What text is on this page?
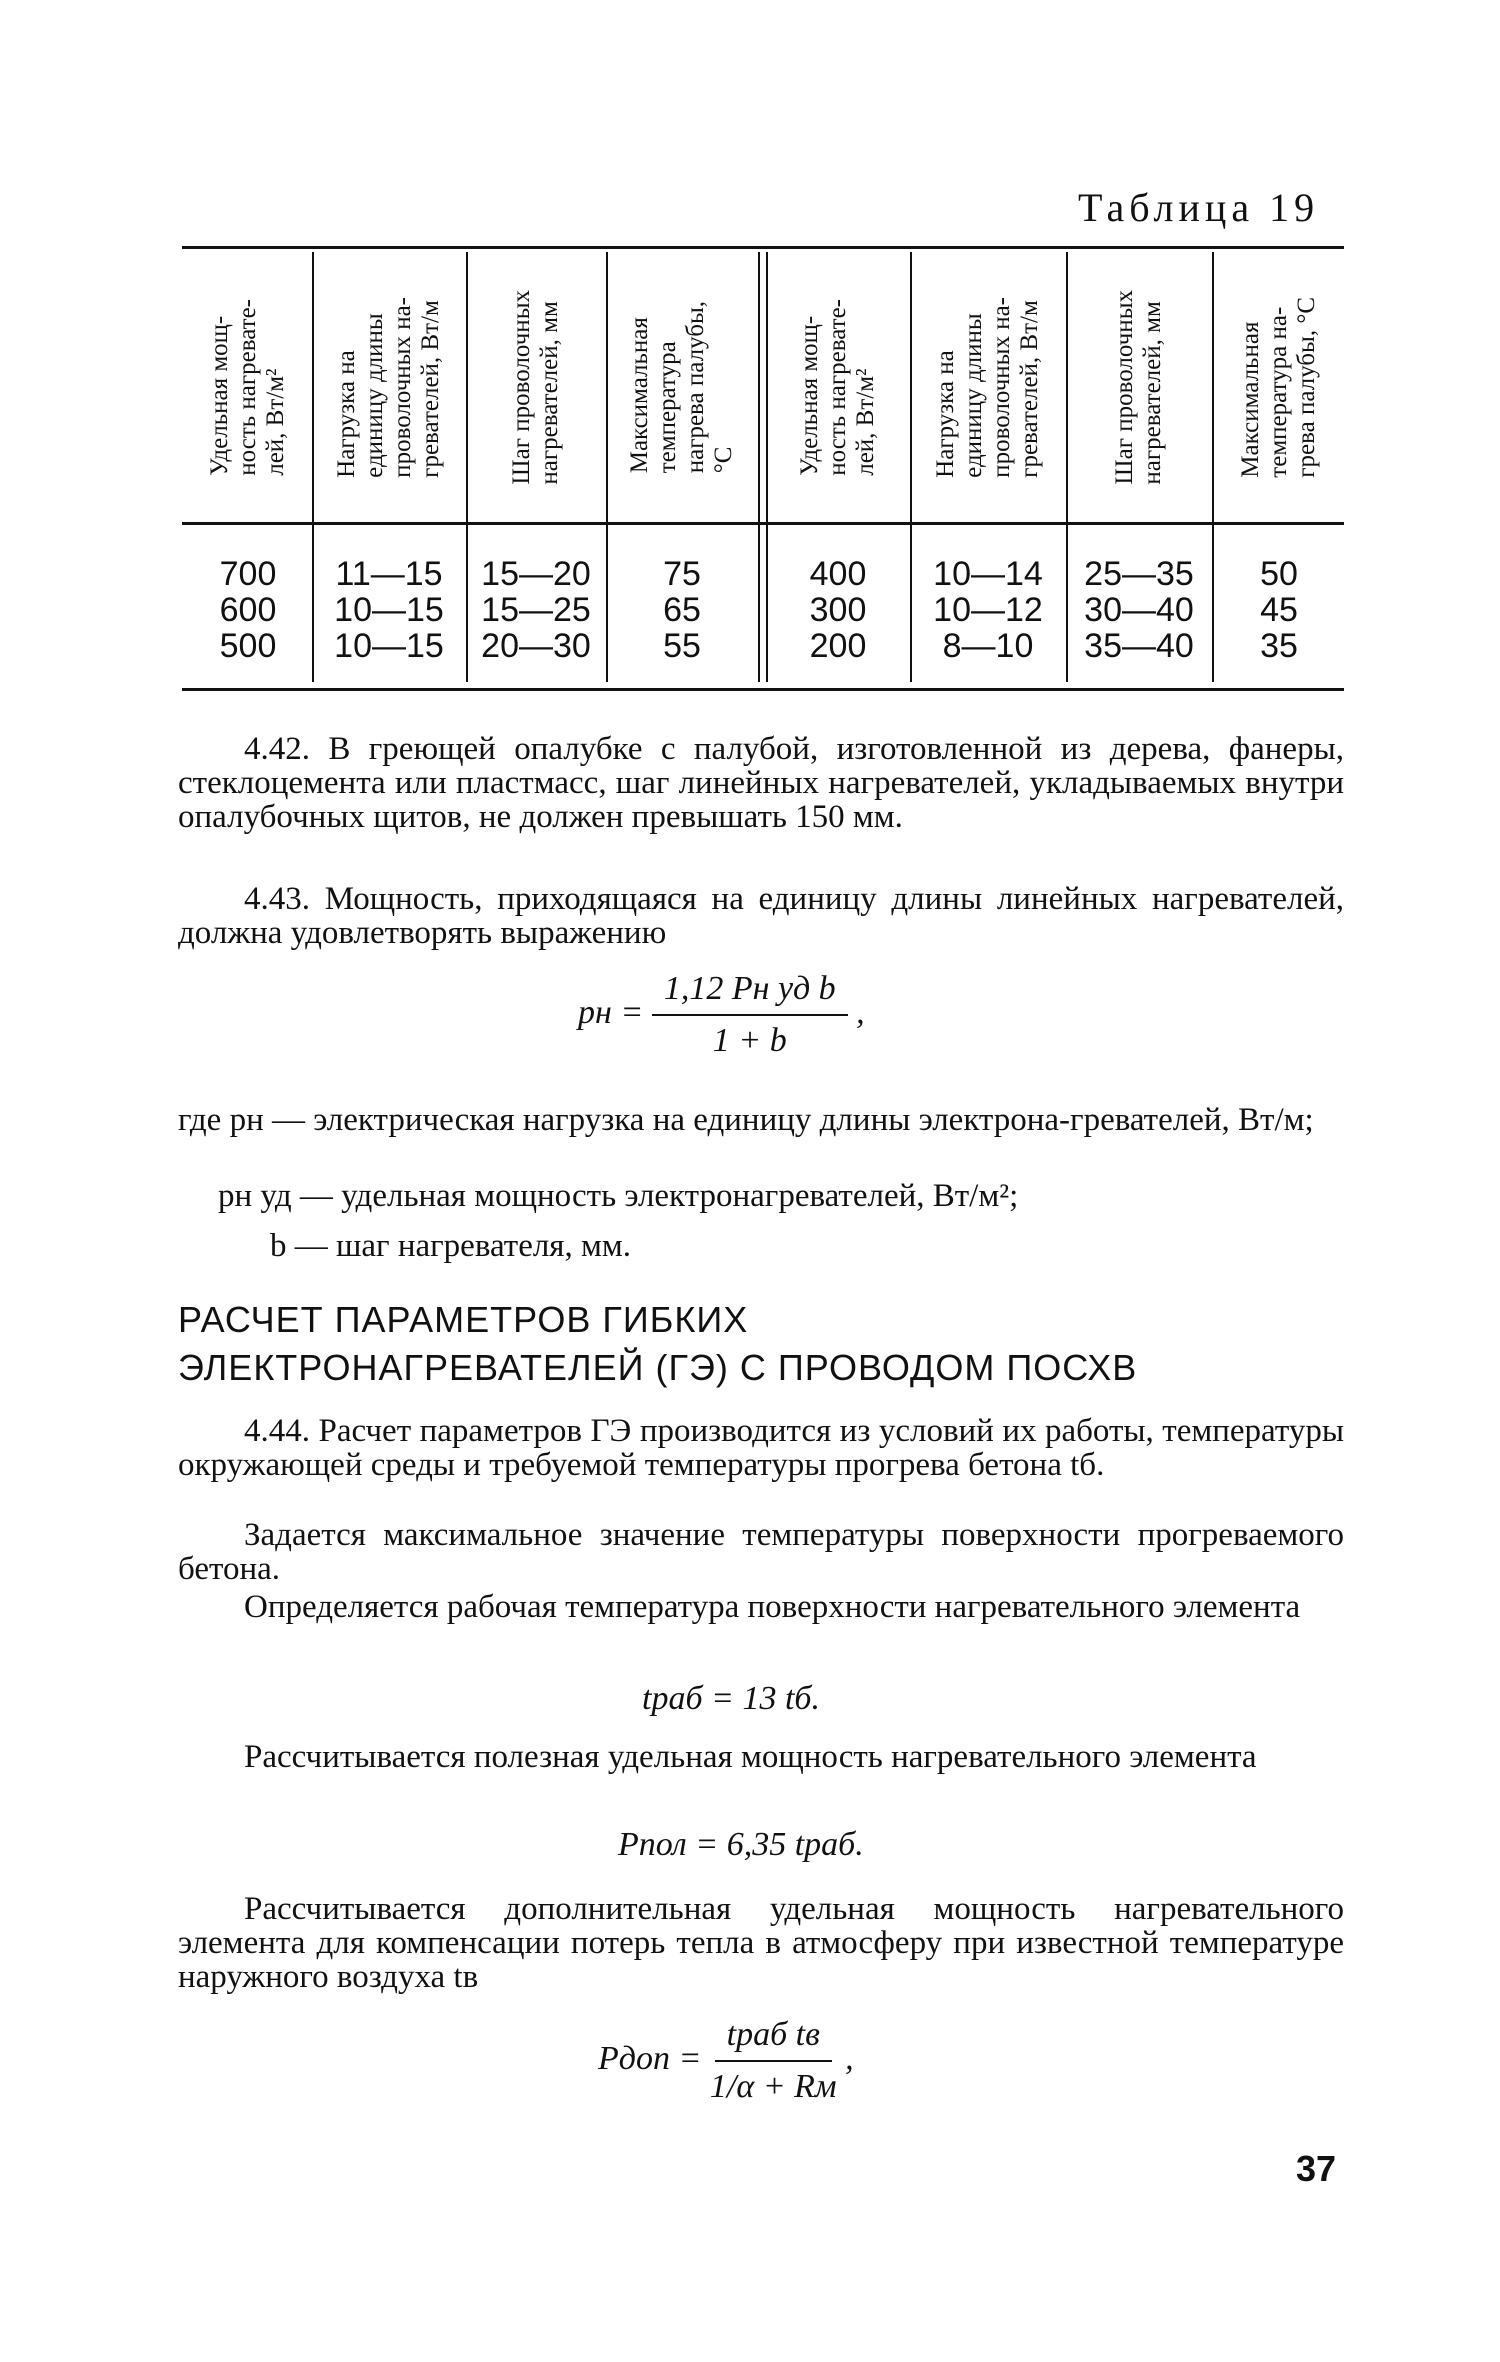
Таблица 19
Удельная мощ-
ность нагревате-
лей, Вт/м² Нагрузка на
единицу длины
проволочных на-
гревателей, Вт/м
Шаг проволочных
нагревателей, мм
Максимальная
температура
нагрева палубы,
°С Удельная мощ-
ность нагревате-
лей, Вт/м² Нагрузка на
единицу длины
проволочных на-
гревателей, Вт/м
Шаг проволочных
нагревателей, мм
Максимальная
температура на-
грева палубы, °С
700
600
500
11—15
10—15
10—15
15—20
15—25
20—30
75
65
55
400
300
200
10—14
10—12
8—10
25—35
30—40
35—40
50
45
35
4.42. В греющей опалубке с палубой, изготовленной из дерева, фанеры, стеклоцемента или пластмасс, шаг линейных нагревателей, укладываемых внутри опалубочных щитов, не должен превышать 150 мм.
4.43. Мощность, приходящаяся на единицу длины линейных нагревателей, должна удовлетворять выражению
pн = $\frac{\text{1,12 Pн уд b}}{1 + b}$ ,
где pн — электрическая нагрузка на единицу длины электрона-гревателей, Вт/м;
pн уд — удельная мощность электронагревателей, Вт/м²;
b — шаг нагревателя, мм.
РАСЧЕТ ПАРАМЕТРОВ ГИБКИХ
ЭЛЕКТРОНАГРЕВАТЕЛЕЙ (ГЭ) С ПРОВОДОМ ПОСХВ
4.44. Расчет параметров ГЭ производится из условий их работы, температуры окружающей среды и требуемой температуры прогрева бетона tб.
Задается максимальное значение температуры поверхности прогреваемого бетона.
Определяется рабочая температура поверхности нагревательного элемента
tраб = 13 tб.
Рассчитывается полезная удельная мощность нагревательного элемента
Pпол = 6,35 tраб.
Рассчитывается дополнительная удельная мощность нагревательного элемента для компенсации потерь тепла в атмосферу при известной температуре наружного воздуха tв
Pдоп = $\frac{\text{tраб tв}}{1/\alpha + Rм}$ ,
37
